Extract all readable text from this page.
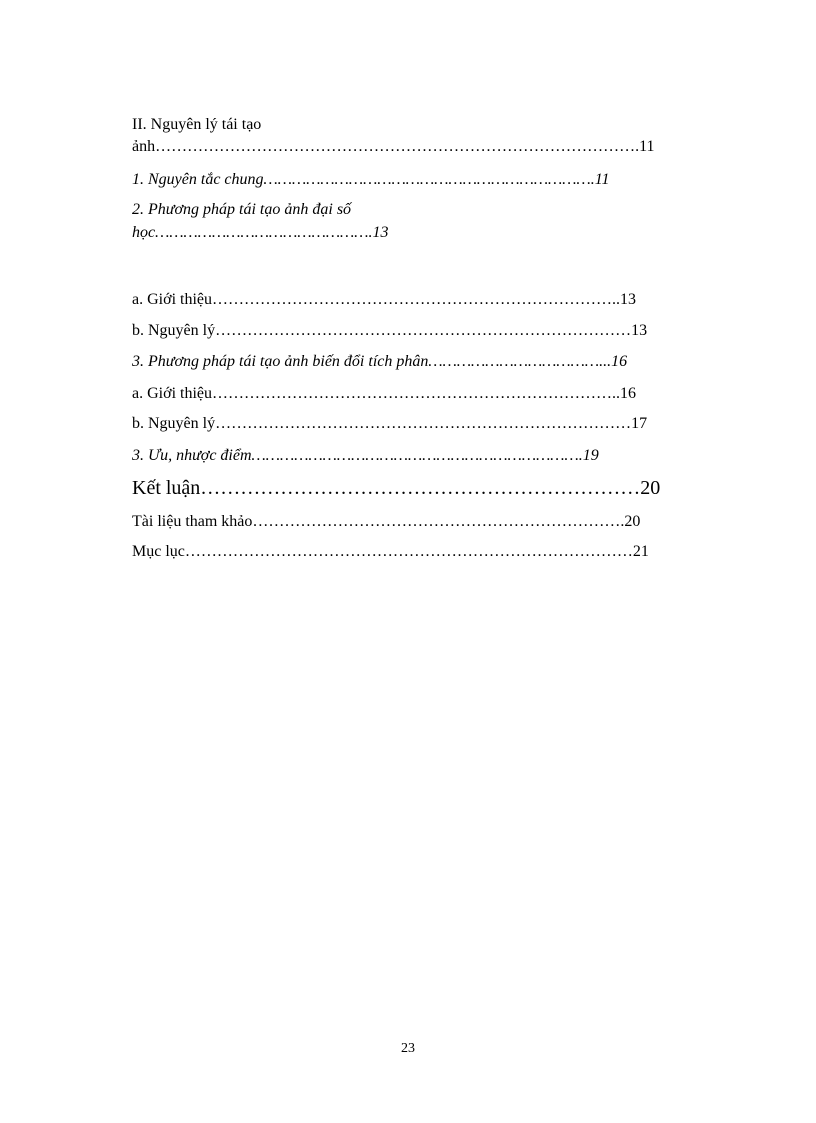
II. Nguyên lý tái tạo
ảnh……………………………………………………………………………….11
1. Nguyên tắc chung…………………………………………………………….11
2. Phương pháp tái tạo ảnh đại số
học……………………………………….13
a. Giới thiệu…………………………………………………………………..13
b. Nguyên lý……………………………………………………………………13
3. Phương pháp tái tạo ảnh biến đổi tích phân………………………………...16
a. Giới thiệu…………………………………………………………………..16
b. Nguyên lý……………………………………………………………………17
3. Ưu, nhược điểm…………………………………………………………….19
Kết luận…………………………………………………………20
Tài liệu tham khảo…………………………………………………………….20
Mục lục…………………………………………………………………………21
23
